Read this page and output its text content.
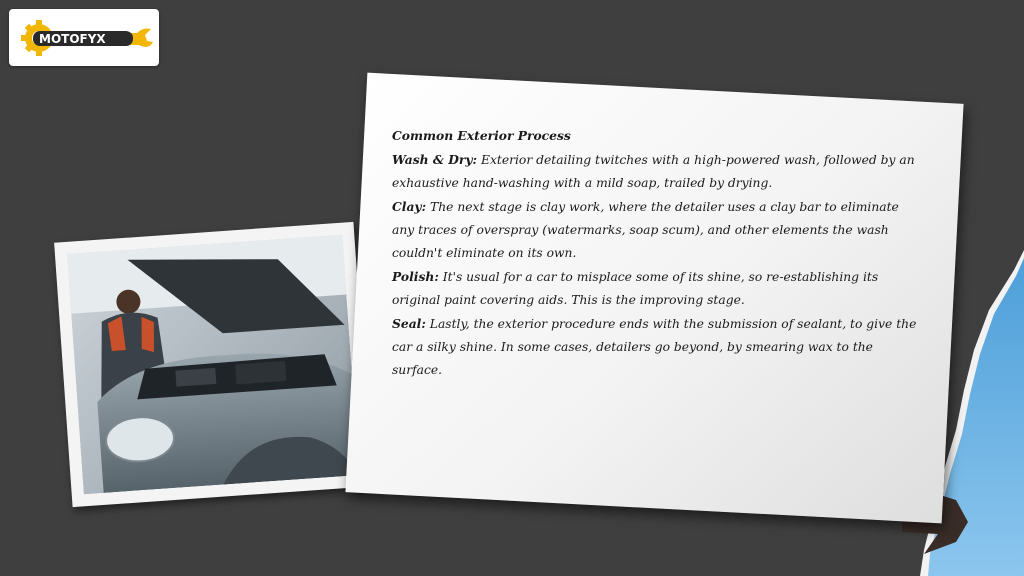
MOTOFYX

Common Exterior Process

Wash & Dry: Exterior detailing twitches with a high-powered wash, followed by an exhaustive hand-washing with a mild soap, trailed by drying.

Clay: The next stage is clay work, where the detailer uses a clay bar to eliminate any traces of overspray (watermarks, soap scum), and other elements the wash couldn't eliminate on its own.

Polish: It's usual for a car to misplace some of its shine, so re-establishing its original paint covering aids. This is the improving stage.

Seal: Lastly, the exterior procedure ends with the submission of sealant, to give the car a silky shine. In some cases, detailers go beyond, by smearing wax to the surface.
